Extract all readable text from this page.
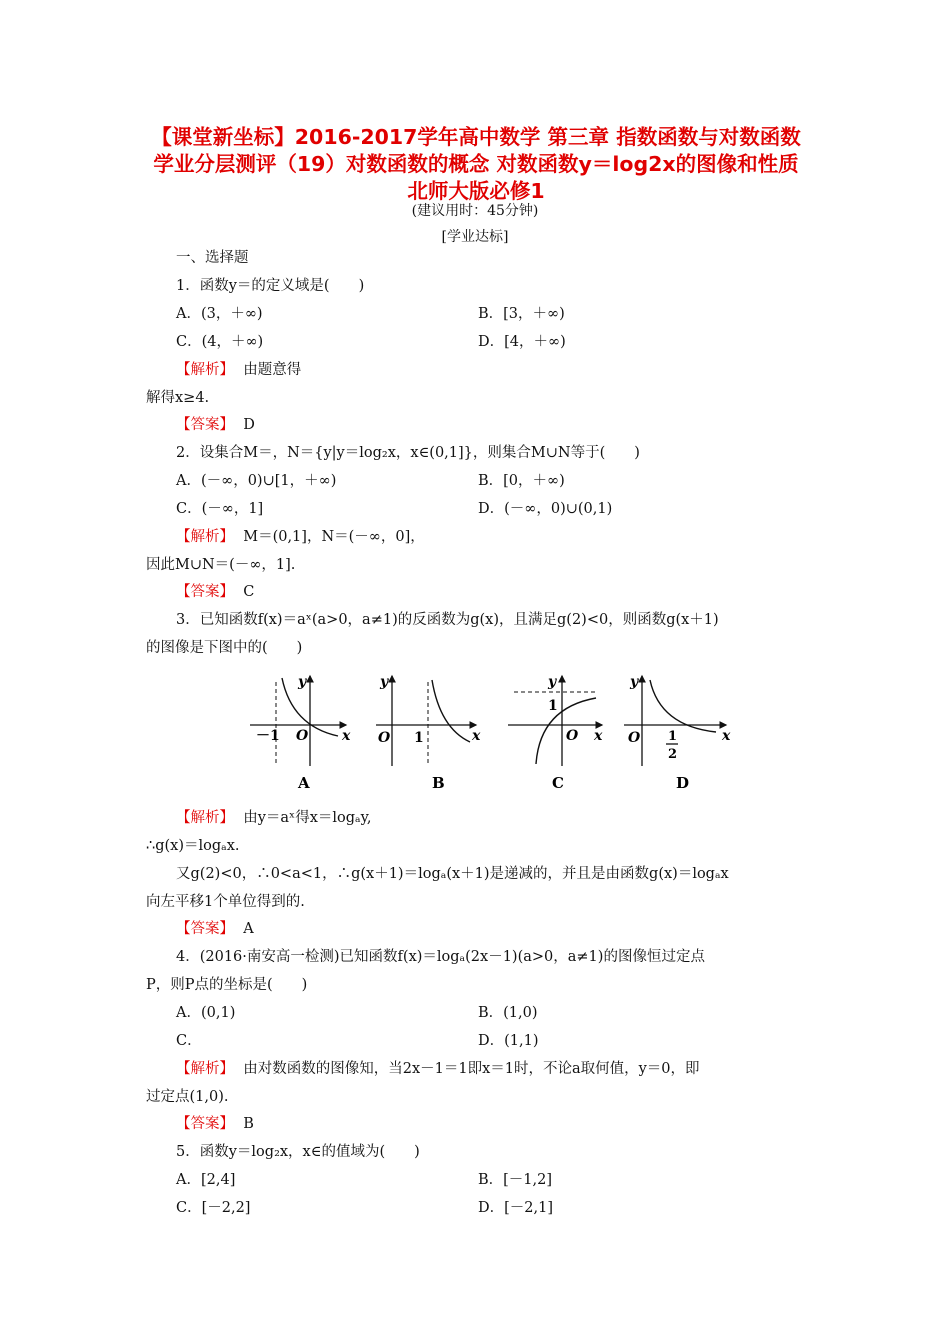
【课堂新坐标】2016-2017学年高中数学 第三章 指数函数与对数函数 学业分层测评（19）对数函数的概念 对数函数y＝log2x的图像和性质 北师大版必修1
(建议用时：45分钟)
[学业达标]
一、选择题
1．函数y＝的定义域是(　　)
A．(3，＋∞)	B．[3，＋∞)
C．(4，＋∞)	D．[4，＋∞)
【解析】 由题意得
解得x≥4.
【答案】 D
2．设集合M＝，N＝{y|y＝log₂x，x∈(0,1]}，则集合M∪N等于(　　)
A．(－∞，0)∪[1，＋∞)	B．[0，＋∞)
C．(－∞，1]	D．(－∞，0)∪(0,1)
【解析】 M＝(0,1]，N＝(－∞，0]，
因此M∪N＝(－∞，1].
【答案】 C
3．已知函数f(x)＝aˣ(a>0，a≠1)的反函数为g(x)，且满足g(2)<0，则函数g(x＋1)
的图像是下图中的(　　)
y
x
O
－1
A
y
x
O 1
B
y
x
O
1
C
y
x
O 1
2
D
【解析】 由y＝aˣ得x＝logₐy,
∴g(x)＝logₐx.
又g(2)<0，∴0<a<1，∴g(x＋1)＝logₐ(x＋1)是递减的，并且是由函数g(x)＝logₐx
向左平移1个单位得到的.
【答案】 A
4．(2016·南安高一检测)已知函数f(x)＝logₐ(2x－1)(a>0，a≠1)的图像恒过定点
P，则P点的坐标是(　　)
A．(0,1)	B．(1,0)
C．	D．(1,1)
【解析】 由对数函数的图像知，当2x－1＝1即x＝1时，不论a取何值，y＝0，即
过定点(1,0).
【答案】 B
5．函数y＝log₂x，x∈的值域为(　　)
A．[2,4]	B．[－1,2]
C．[－2,2]	D．[－2,1]
